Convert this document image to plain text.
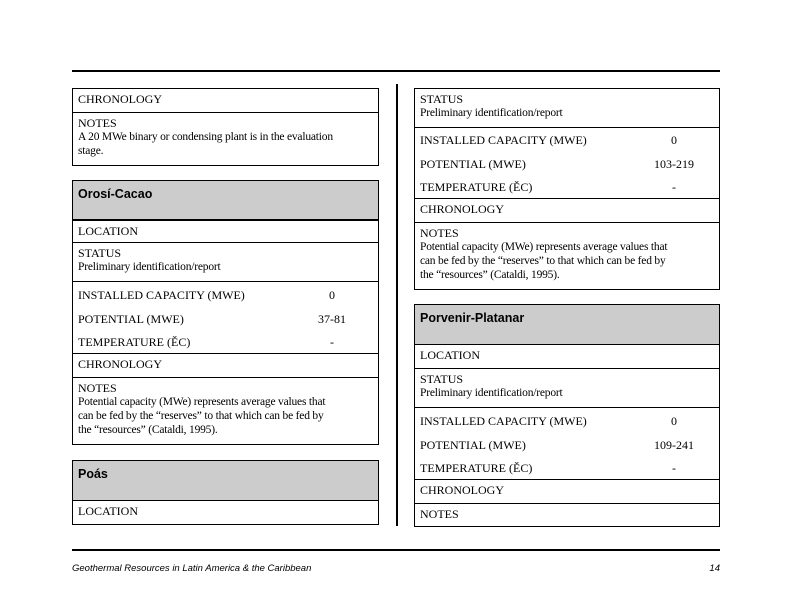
CHRONOLOGY
NOTES
A 20 MWe binary or condensing plant is in the evaluation
stage.
Orosí-Cacao
LOCATION
STATUS
Preliminary identification/report
INSTALLED CAPACITY (MWE)	0
POTENTIAL (MWE)	37-81
TEMPERATURE (ĚC)	-
CHRONOLOGY
NOTES
Potential capacity (MWe) represents average values that
can be fed by the “reserves” to that which can be fed by
the “resources” (Cataldi, 1995).
Poás
LOCATION
STATUS
Preliminary identification/report
INSTALLED CAPACITY (MWE)	0
POTENTIAL (MWE)	103-219
TEMPERATURE (ĚC)	-
CHRONOLOGY
NOTES
Potential capacity (MWe) represents average values that
can be fed by the “reserves” to that which can be fed by
the “resources” (Cataldi, 1995).
Porvenir-Platanar
LOCATION
STATUS
Preliminary identification/report
INSTALLED CAPACITY (MWE)	0
POTENTIAL (MWE)	109-241
TEMPERATURE (ĚC)	-
CHRONOLOGY
NOTES
Geothermal Resources in Latin America & the Caribbean	14
